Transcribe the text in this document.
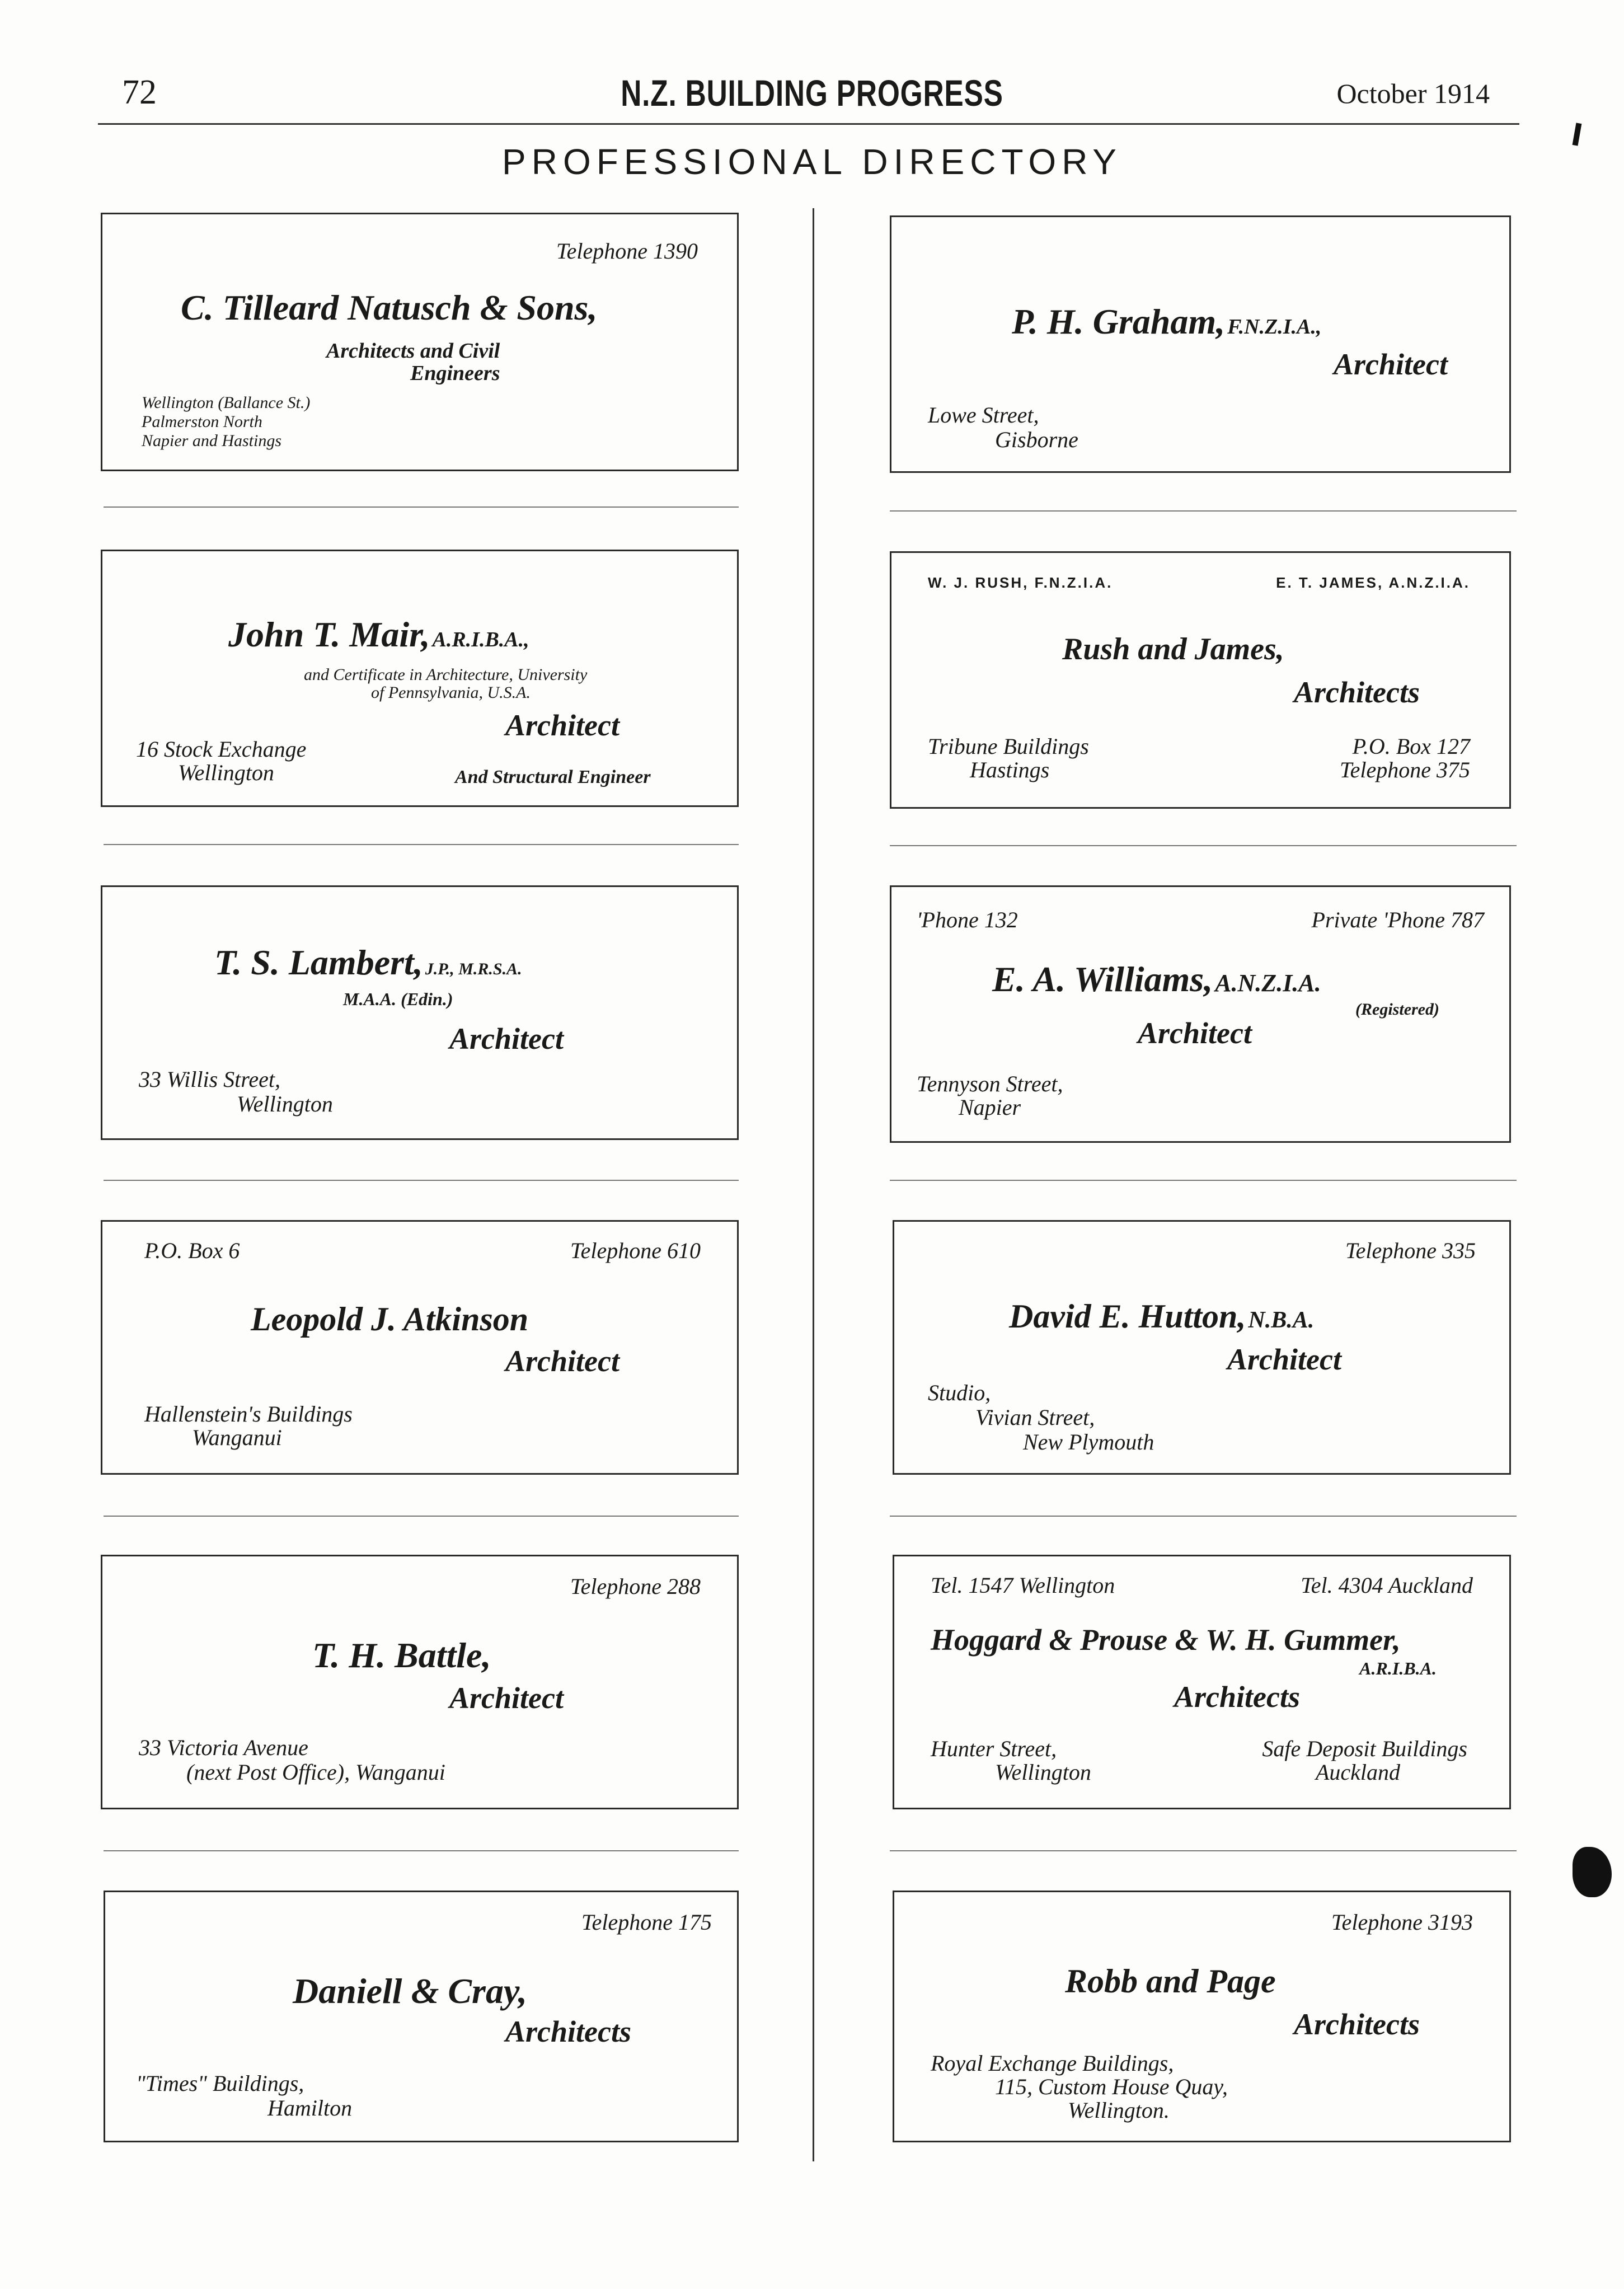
72	N.Z. BUILDING PROGRESS	October 1914
PROFESSIONAL DIRECTORY
Telephone 1390
C. Tilleard Natusch & Sons,
Architects and Civil
Engineers
Wellington (Ballance St.)
Palmerston North
Napier and Hastings
P. H. Graham, F.N.Z.I.A.,
Architect
Lowe Street,
Gisborne
John T. Mair, A.R.I.B.A.,
and Certificate in Architecture, University
of Pennsylvania, U.S.A.
Architect
16 Stock Exchange
Wellington	And Structural Engineer
W. J. RUSH, F.N.Z.I.A.	E. T. JAMES, A.N.Z.I.A.
Rush and James,
Architects
Tribune Buildings
Hastings
P.O. Box 127
Telephone 375
T. S. Lambert, J.P., M.R.S.A.
M.A.A. (Edin.)
Architect
33 Willis Street,
Wellington
'Phone 132	Private 'Phone 787
E. A. Williams, A.N.Z.I.A.
(Registered)
Architect
Tennyson Street,
Napier
P.O. Box 6	Telephone 610
Leopold J. Atkinson
Architect
Hallenstein's Buildings
Wanganui
Telephone 335
David E. Hutton, N.B.A.
Architect
Studio,
Vivian Street,
New Plymouth
Telephone 288
T. H. Battle,
Architect
33 Victoria Avenue
(next Post Office), Wanganui
Tel. 1547 Wellington	Tel. 4304 Auckland
Hoggard & Prouse & W. H. Gummer,
A.R.I.B.A.
Architects
Hunter Street,
Wellington
Safe Deposit Buildings
Auckland
Telephone 175
Daniell & Cray,
Architects
"Times" Buildings,
Hamilton
Telephone 3193
Robb and Page
Architects
Royal Exchange Buildings,
115, Custom House Quay,
Wellington.
